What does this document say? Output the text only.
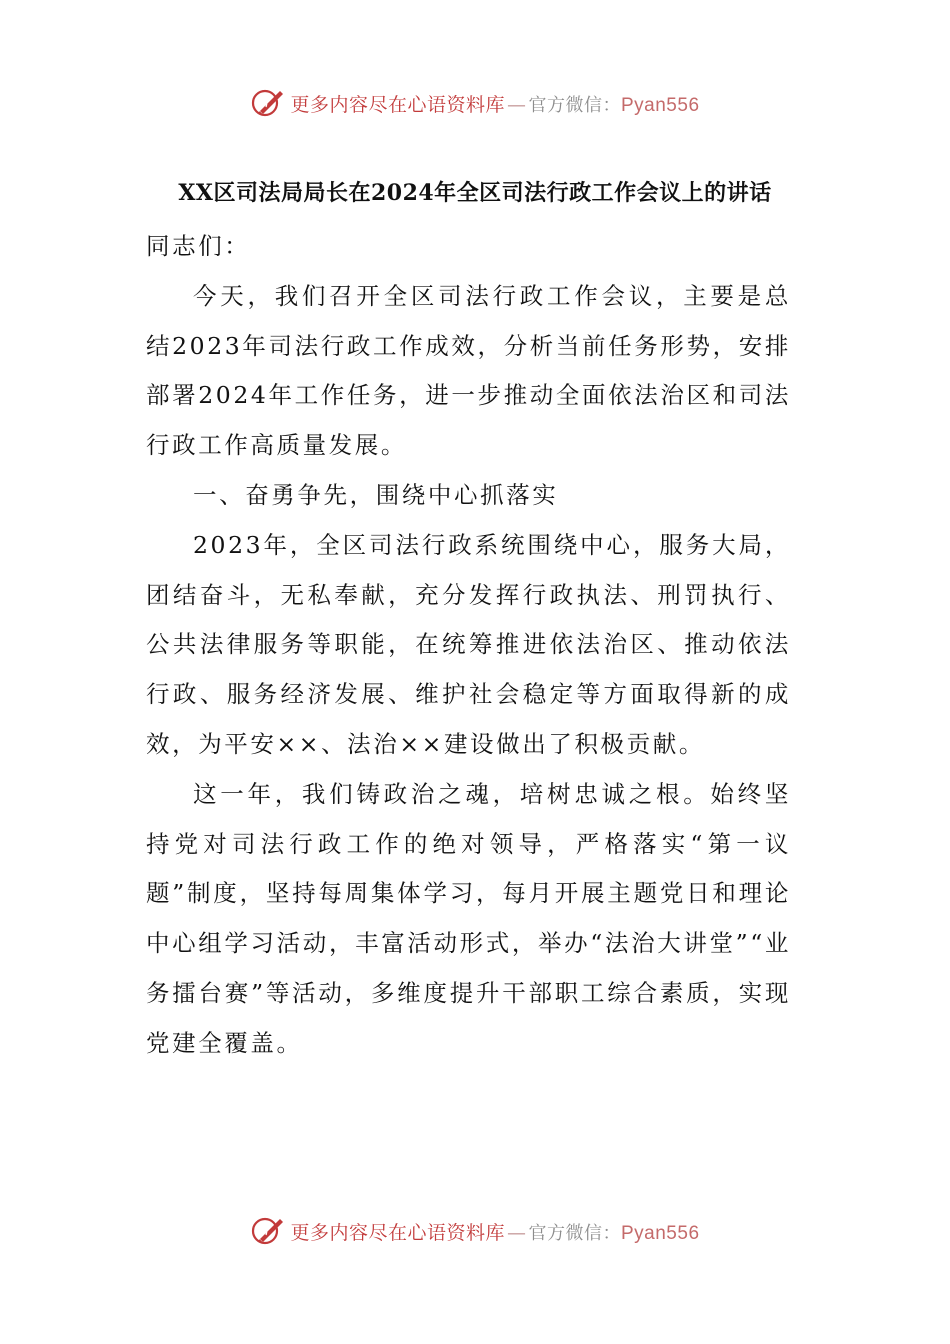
更多内容尽在心语资料库 — 官方微信：Pyan556
XX区司法局局长在2024年全区司法行政工作会议上的讲话

同志们：

今天，我们召开全区司法行政工作会议，主要是总结2023年司法行政工作成效，分析当前任务形势，安排部署2024年工作任务，进一步推动全面依法治区和司法行政工作高质量发展。

一、奋勇争先，围绕中心抓落实

2023年，全区司法行政系统围绕中心，服务大局，团结奋斗，无私奉献，充分发挥行政执法、刑罚执行、公共法律服务等职能，在统筹推进依法治区、推动依法行政、服务经济发展、维护社会稳定等方面取得新的成效，为平安××、法治××建设做出了积极贡献。

这一年，我们铸政治之魂，培树忠诚之根。始终坚持党对司法行政工作的绝对领导，严格落实“第一议题”制度，坚持每周集体学习，每月开展主题党日和理论中心组学习活动，丰富活动形式，举办“法治大讲堂”“业务擂台赛”等活动，多维度提升干部职工综合素质，实现党建全覆盖。

更多内容尽在心语资料库 — 官方微信：Pyan556
